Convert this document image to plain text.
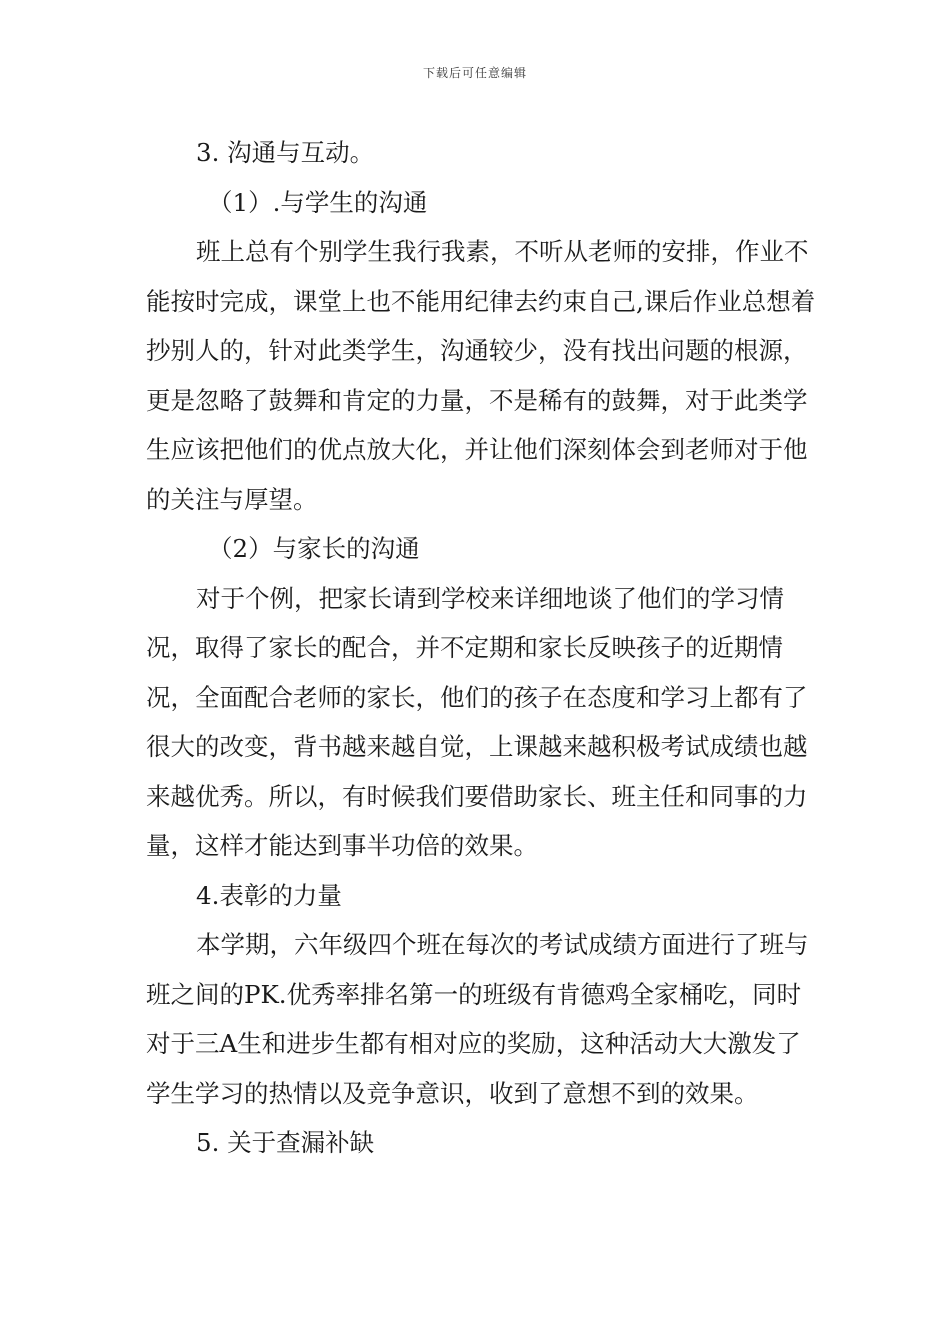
下载后可任意编辑
3. 沟通与互动。
（1）.与学生的沟通
班上总有个别学生我行我素，不听从老师的安排，作业不能按时完成，课堂上也不能用纪律去约束自己,课后作业总想着抄别人的，针对此类学生，沟通较少，没有找出问题的根源，更是忽略了鼓舞和肯定的力量，不是稀有的鼓舞，对于此类学生应该把他们的优点放大化，并让他们深刻体会到老师对于他的关注与厚望。
（2）与家长的沟通
对于个例，把家长请到学校来详细地谈了他们的学习情况，取得了家长的配合，并不定期和家长反映孩子的近期情况，全面配合老师的家长，他们的孩子在态度和学习上都有了很大的改变，背书越来越自觉，上课越来越积极考试成绩也越来越优秀。所以，有时候我们要借助家长、班主任和同事的力量，这样才能达到事半功倍的效果。
4.表彰的力量
本学期，六年级四个班在每次的考试成绩方面进行了班与班之间的PK.优秀率排名第一的班级有肯德鸡全家桶吃，同时对于三A生和进步生都有相对应的奖励，这种活动大大激发了学生学习的热情以及竞争意识，收到了意想不到的效果。
5. 关于查漏补缺
